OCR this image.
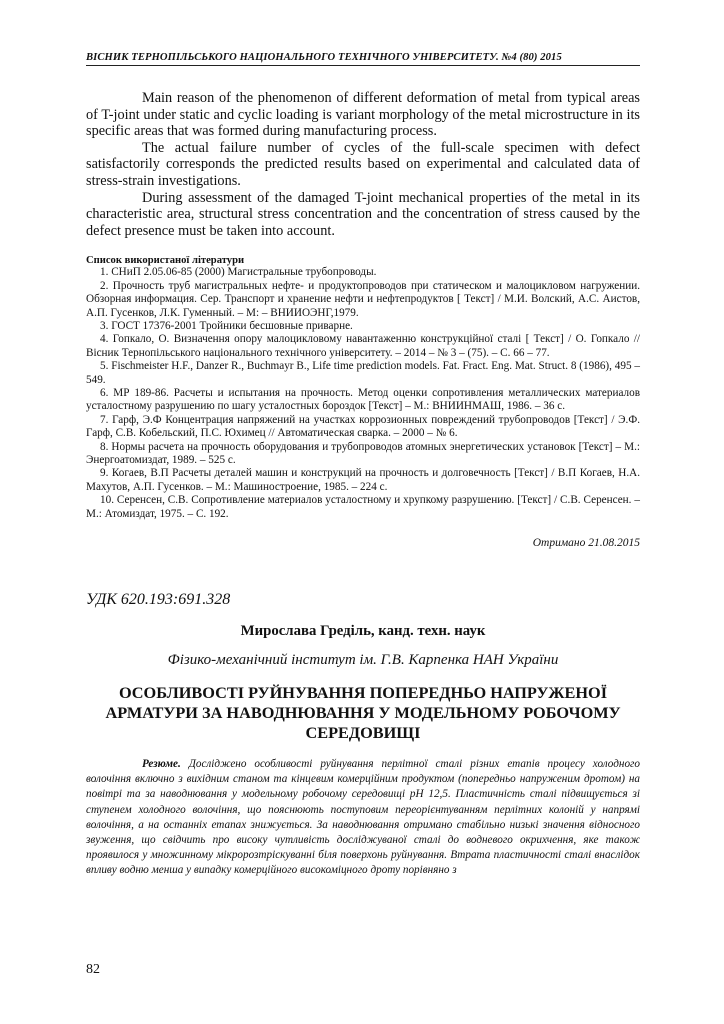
ВІСНИК ТЕРНОПІЛЬСЬКОГО НАЦІОНАЛЬНОГО ТЕХНІЧНОГО УНІВЕРСИТЕТУ. №4 (80) 2015

Main reason of the phenomenon of different deformation of metal from typical areas of T-joint under static and cyclic loading is variant morphology of the metal microstructure in its specific areas that was formed during manufacturing process.

The actual failure number of cycles of the full-scale specimen with defect satisfactorily corresponds the predicted results based on experimental and calculated data of stress-strain investigations.

During assessment of the damaged T-joint mechanical properties of the metal in its characteristic area, structural stress concentration and the concentration of stress caused by the defect presence must be taken into account.

Список використаної літератури

1. СНиП 2.05.06-85 (2000) Магистральные трубопроводы.

2. Прочность труб магистральных нефте- и продуктопроводов при статическом и малоцикловом нагружении. Обзорная информация. Сер. Транспорт и хранение нефти и нефтепродуктов [ Текст] / М.И. Волский, А.С. Аистов, А.П. Гусенков, Л.К. Гуменный. – М: – ВНИИОЭНГ,1979.

3. ГОСТ 17376-2001 Тройники бесшовные приварне.

4. Гопкало, О. Визначення опору малоцикловому навантаженню конструкційної сталі [ Текст] / О. Гопкало // Вісник Тернопільського національного технічного університету. – 2014 – № 3 – (75). – С. 66 – 77.

5. Fischmeister H.F., Danzer R., Buchmayr B., Life time prediction models. Fat. Fract. Eng. Mat. Struct. 8 (1986), 495 – 549.

6. МР 189-86. Расчеты и испытания на прочность. Метод оценки сопротивления металлических материалов усталостному разрушению по шагу усталостных бороздок [Текст] – М.: ВНИИНМАШ, 1986. – 36 с.

7. Гарф, Э.Ф Концентрация напряжений на участках коррозионных повреждений трубопроводов [Текст] / Э.Ф. Гарф, С.В. Кобельский, П.С. Юхимец // Автоматическая сварка. – 2000 – № 6.

8. Нормы расчета на прочность оборудования и трубопроводов атомных энергетических установок [Текст] – М.: Энергоатомиздат, 1989. – 525 с.

9. Когаев, В.П Расчеты деталей машин и конструкций на прочность и долговечность [Текст] / В.П Когаев, Н.А. Махутов, А.П. Гусенков. – М.: Машиностроение, 1985. – 224 с.

10. Серенсен, С.В. Сопротивление материалов усталостному и хрупкому разрушению. [Текст] / С.В. Серенсен. – М.: Атомиздат, 1975. – С. 192.

Отримано 21.08.2015
УДК 620.193:691.328
Мирослава Греділь, канд. техн. наук
Фізико-механічний інститут ім. Г.В. Карпенка НАН України
ОСОБЛИВОСТІ РУЙНУВАННЯ ПОПЕРЕДНЬО НАПРУЖЕНОЇ АРМАТУРИ ЗА НАВОДНЮВАННЯ У МОДЕЛЬНОМУ РОБОЧОМУ СЕРЕДОВИЩІ

Резюме. Досліджено особливості руйнування перлітної сталі різних етапів процесу холодного волочіння включно з вихідним станом та кінцевим комерційним продуктом (попередньо напруженим дротом) на повітрі та за наводнювання у модельному робочому середовищі pH 12,5. Пластичність сталі підвищується зі ступенем холодного волочіння, що пояснюють поступовим переорієнтуванням перлітних колоній у напрямі волочіння, а на останніх етапах знижується. За наводнювання отримано стабільно низькі значення відносного звуження, що свідчить про високу чутливість досліджуваної сталі до водневого окрихчення, яке також проявилося у множинному мікророзтріскуванні біля поверхонь руйнування. Втрата пластичності сталі внаслідок впливу водню менша у випадку комерційного високоміцного дроту порівняно з

82
